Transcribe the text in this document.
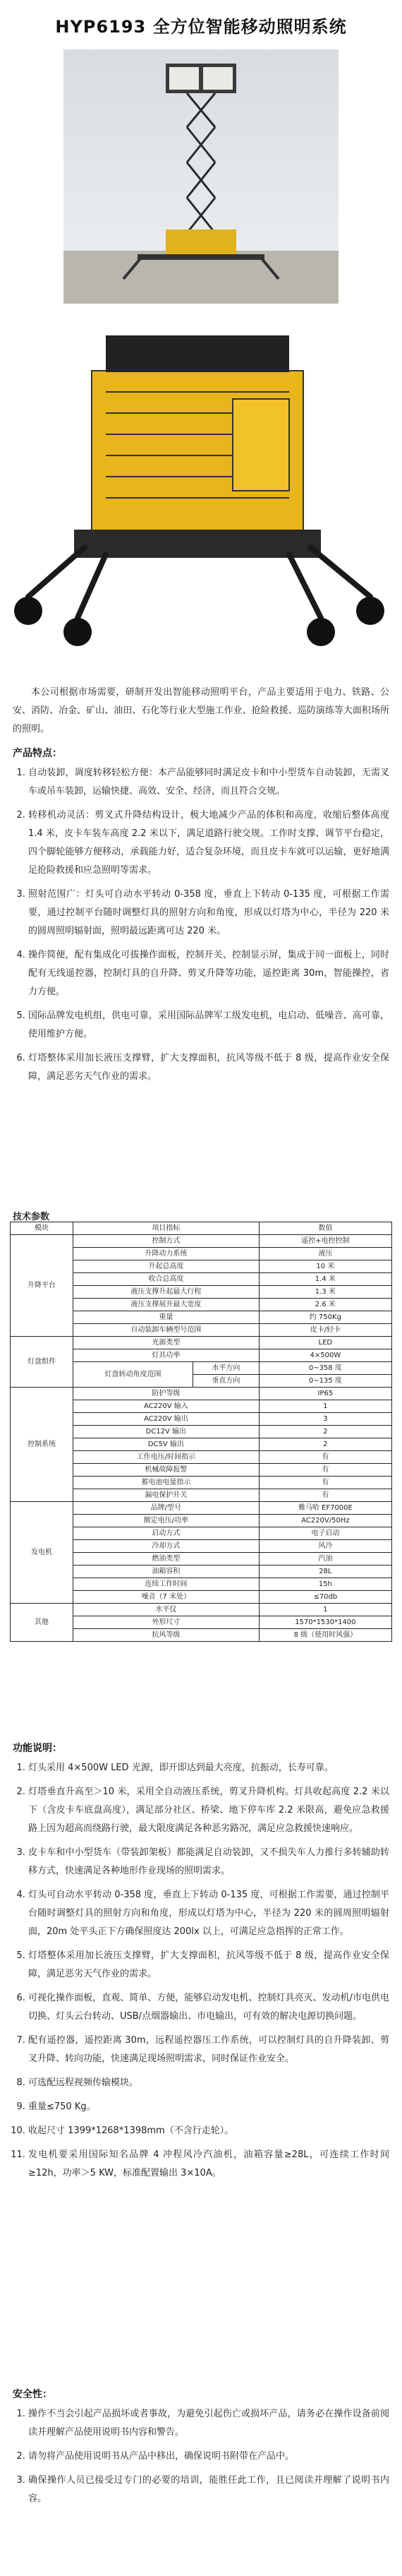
HYP6193 全方位智能移动照明系统

本公司根据市场需要，研制开发出智能移动照明平台，产品主要适用于电力、铁路、公安、消防、冶金、矿山、油田、石化等行业大型施工作业、抢险救援、巡防演练等大面积场所的照明。

产品特点：
1. 自动装卸，调度转移轻松方便：本产品能够同时满足皮卡和中小型货车自动装卸，无需叉车或吊车装卸，运输快捷、高效、安全、经济，而且符合交规。
2. 转移机动灵活：剪叉式升降结构设计，极大地减少产品的体积和高度，收缩后整体高度 1.4 米，皮卡车装车高度 2.2 米以下，满足道路行驶交规。工作时支撑、调节平台稳定，四个脚轮能够方便移动，承载能力好，适合复杂环境，而且皮卡车就可以运输，更好地满足抢险救援和应急照明等需求。
3. 照射范围广：灯头可自动水平转动 0-358 度，垂直上下转动 0-135 度，可根据工作需要，通过控制平台随时调整灯具的照射方向和角度，形成以灯塔为中心，半径为 220 米的圆周照明辐射面，照明最远距离可达 220 米。
4. 操作简便，配有集成化可拔操作面板，控制开关、控制显示屏，集成于同一面板上，同时配有无线遥控器，控制灯具的自升降、剪叉升降等功能，遥控距离 30m，智能操控，省力方便。
5. 国际品牌发电机组，供电可靠，采用国际品牌军工级发电机，电启动、低噪音、高可靠，使用维护方便。
6. 灯塔整体采用加长液压支撑臂，扩大支撑面积，抗风等级不低于 8 级，提高作业安全保障，满足恶劣天气作业的需求。
技术参数
模块	项目指标		数值
升降平台	控制方式		遥控+电控控制
	升降动力系统		液压
	升起总高度		10 米
	收合总高度		1.4 米
	液压支撑升起最大行程		1.3 米
	液压支撑展开最大宽度		2.6 米
	重量		约 750Kg
	自动装卸车辆型号范围		皮卡/轻卡
灯盘组件	光源类型		LED
	灯具功率		4×500W
	灯盘转动角度范围	水平方向	0~358 度
		垂直方向	0~135 度
控制系统	防护等级		IP65
	AC220V 输入		1
	AC220V 输出		3
	DC12V 输出		2
	DC5V 输出		2
	工作电压/时间指示		有
	机械故障报警		有
	蓄电池电量指示		有
	漏电保护开关		有
发电机	品牌/型号		雅马哈 EF7000E
	额定电压/功率		AC220V/50Hz
	启动方式		电子启动
	冷却方式		风冷
	燃油类型		汽油
	油箱容积		28L
	连续工作时间		15h
	噪音（7 米处）		≤70db
其他	水平仪		1
	外形尺寸		1570*1530*1400
	抗风等级		8 级（使用时风强）
功能说明：
1. 灯头采用 4×500W LED 光源，即开即达到最大亮度，抗振动，长寿可靠。
2. 灯塔垂直升高至＞10 米，采用全自动液压系统，剪叉升降机构。灯具收起高度 2.2 米以下（含皮卡车底盘高度），满足部分社区、桥梁、地下停车库 2.2 米限高，避免应急救援路上因为超高而绕路行驶，最大限度满足各种恶劣路况，满足应急救援快速响应。
3. 皮卡车和中小型货车（带装卸架板）都能满足自动装卸，又不损失车人力推行多转辅助转移方式，快速满足各种地形作业现场的照明需求。
4. 灯头可自动水平转动 0-358 度，垂直上下转动 0-135 度，可根据工作需要，通过控制平台随时调整灯具的照射方向和角度，形成以灯塔为中心，半径为 220 米的圆周照明辐射面，20m 处平头正下方确保照度达 200lx 以上，可满足应急指挥的正常工作。
5. 灯塔整体采用加长液压支撑臂，扩大支撑面积，抗风等级不低于 8 级，提高作业安全保障，满足恶劣天气作业的需求。
6. 可视化操作面板，直观、简单、方便，能够启动发电机、控制灯具亮灭、发动机/市电供电切换、灯头云台转动、USB/点烟器输出、市电输出，可有效的解决电源切换问题。
7. 配有遥控器，遥控距离 30m，远程遥控器压工作系统，可以控制灯具的自升降装卸、剪叉升降、转向功能，快速满足现场照明需求，同时保证作业安全。
8. 可选配远程视频传输模块。
9. 重量≤750 Kg。
10. 收起尺寸 1399*1268*1398mm（不含行走轮）。
11. 发电机要采用国际知名品牌 4 冲程风冷汽油机，油箱容量≥28L，可连续工作时间≥12h，功率＞5 KW，标准配置输出 3×10A。
安全性：
1. 操作不当会引起产品损坏或者事故，为避免引起伤亡或损坏产品，请务必在操作设备前阅读并理解产品使用说明书内容和警告。
2. 请勿将产品使用说明书从产品中移出，确保说明书附带在产品中。
3. 确保操作人员已接受过专门的必要的培训，能胜任此工作，且已阅读并理解了说明书内容。
